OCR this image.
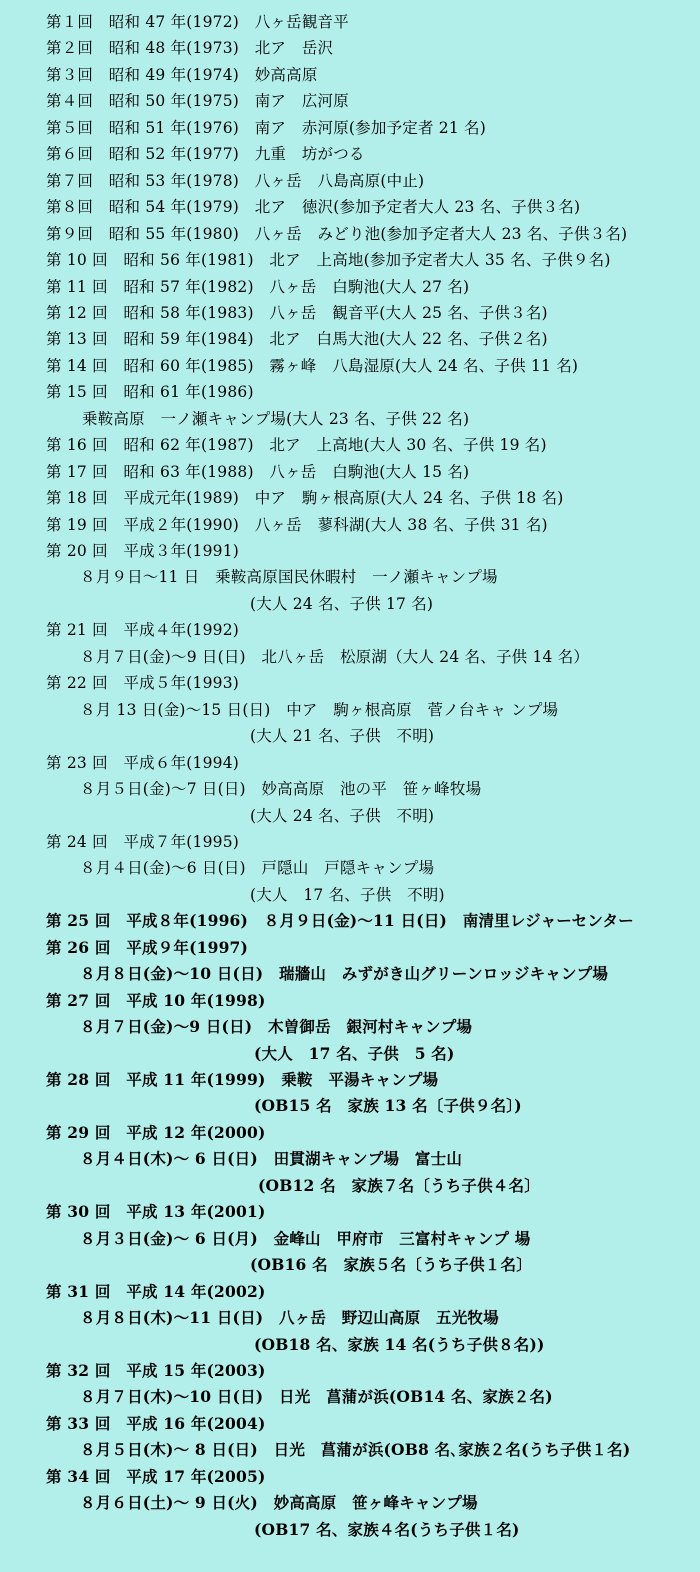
第１回　昭和 47 年(1972)　八ヶ岳観音平
第２回　昭和 48 年(1973)　北ア　岳沢
第３回　昭和 49 年(1974)　妙高高原
第４回　昭和 50 年(1975)　南ア　広河原
第５回　昭和 51 年(1976)　南ア　赤河原(参加予定者 21 名)
第６回　昭和 52 年(1977)　九重　坊がつる
第７回　昭和 53 年(1978)　八ヶ岳　八島高原(中止)
第８回　昭和 54 年(1979)　北ア　徳沢(参加予定者大人 23 名、子供３名)
第９回　昭和 55 年(1980)　八ヶ岳　みどり池(参加予定者大人 23 名、子供３名)
第 10 回　昭和 56 年(1981)　北ア　上高地(参加予定者大人 35 名、子供９名)
第 11 回　昭和 57 年(1982)　八ヶ岳　白駒池(大人 27 名)
第 12 回　昭和 58 年(1983)　八ヶ岳　観音平(大人 25 名、子供３名)
第 13 回　昭和 59 年(1984)　北ア　白馬大池(大人 22 名、子供２名)
第 14 回　昭和 60 年(1985)　霧ヶ峰　八島湿原(大人 24 名、子供 11 名)
第 15 回　昭和 61 年(1986)
乗鞍高原　一ノ瀬キャンプ場(大人 23 名、子供 22 名)
第 16 回　昭和 62 年(1987)　北ア　上高地(大人 30 名、子供 19 名)
第 17 回　昭和 63 年(1988)　八ヶ岳　白駒池(大人 15 名)
第 18 回　平成元年(1989)　中ア　駒ヶ根高原(大人 24 名、子供 18 名)
第 19 回　平成２年(1990)　八ヶ岳　蓼科湖(大人 38 名、子供 31 名)
第 20 回　平成３年(1991)
８月９日～11 日　乗鞍高原国民休暇村　一ノ瀬キャンプ場
(大人 24 名、子供 17 名)
第 21 回　平成４年(1992)
８月７日(金)～9 日(日)　北八ヶ岳　松原湖（大人 24 名、子供 14 名）
第 22 回　平成５年(1993)
８月 13 日(金)～15 日(日)　中ア　駒ヶ根高原　菅ノ台キャ ンプ場
(大人 21 名、子供　不明)
第 23 回　平成６年(1994)
８月５日(金)～7 日(日)　妙高高原　池の平　笹ヶ峰牧場
(大人 24 名、子供　不明)
第 24 回　平成７年(1995)
８月４日(金)～6 日(日)　戸隠山　戸隠キャンプ場
(大人　17 名、子供　不明)
第 25 回　平成８年(1996)　８月９日(金)～11 日(日)　南清里レジャーセンター
第 26 回　平成９年(1997)
８月８日(金)～10 日(日)　瑞牆山　みずがき山グリーンロッジキャンプ場
第 27 回　平成 10 年(1998)
８月７日(金)～9 日(日)　木曽御岳　銀河村キャンプ場
(大人　17 名、子供　5 名)
第 28 回　平成 11 年(1999)　乗鞍　平湯キャンプ場
(OB15 名　家族 13 名〔子供９名〕)
第 29 回　平成 12 年(2000)
８月４日(木)～ 6 日(日)　田貫湖キャンプ場　富士山
(OB12 名　家族７名〔うち子供４名〕
第 30 回　平成 13 年(2001)
８月３日(金)～ 6 日(月)　金峰山　甲府市　三富村キャンプ 場
(OB16 名　家族５名〔うち子供１名〕
第 31 回　平成 14 年(2002)
８月８日(木)～11 日(日)　八ヶ岳　野辺山高原　五光牧場
(OB18 名、家族 14 名(うち子供８名))
第 32 回　平成 15 年(2003)
８月７日(木)～10 日(日)　日光　菖蒲が浜(OB14 名、家族２名)
第 33 回　平成 16 年(2004)
８月５日(木)～ 8 日(日)　日光　菖蒲が浜(OB8 名､家族２名(うち子供１名)
第 34 回　平成 17 年(2005)
８月６日(土)～ 9 日(火)　妙高高原　笹ヶ峰キャンプ場
(OB17 名、家族４名(うち子供１名)
